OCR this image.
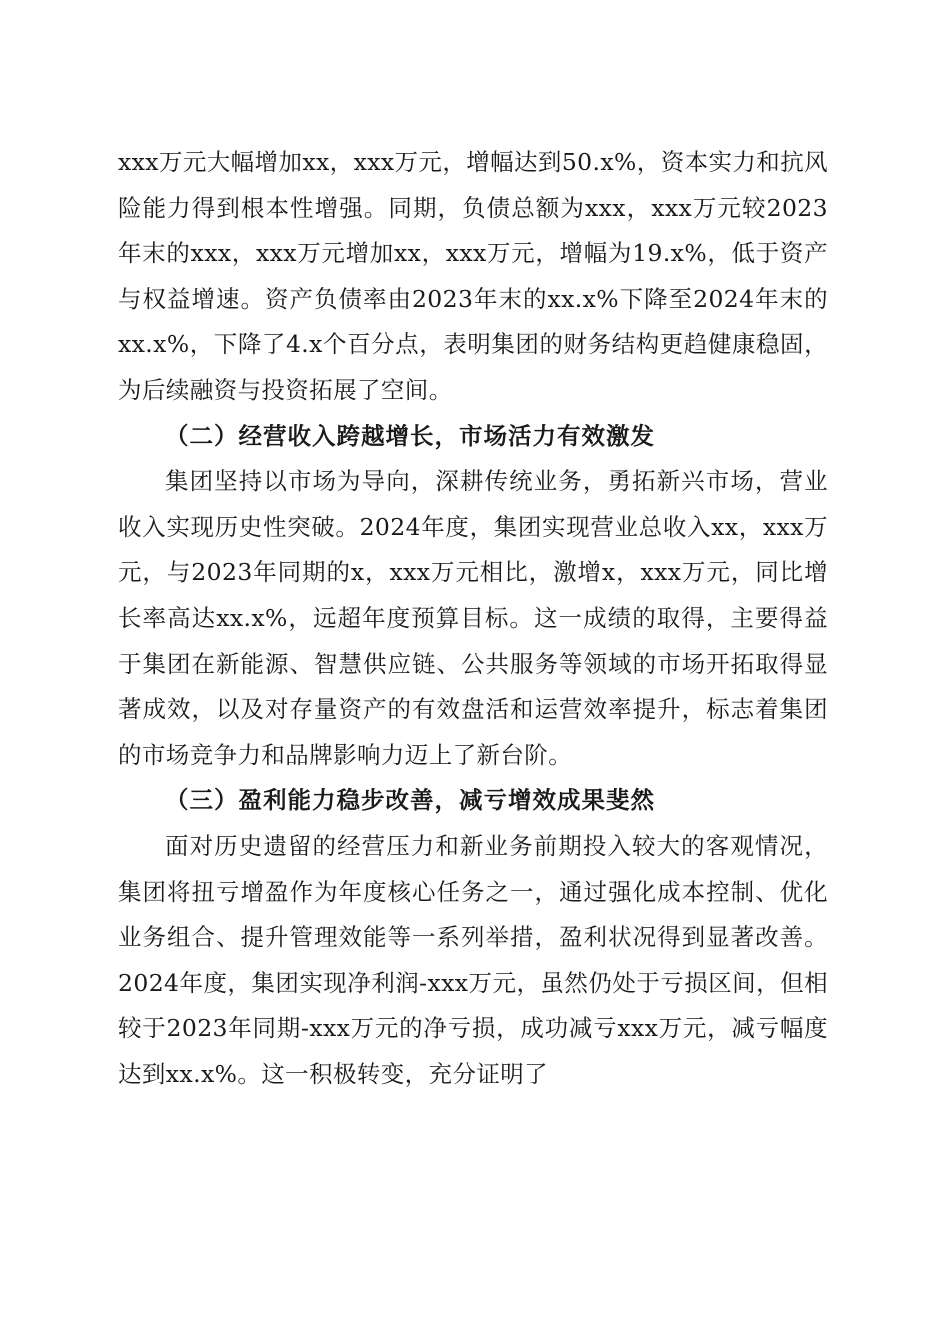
xxx万元大幅增加xx，xxx万元，增幅达到50.x%，资本实力和抗风险能力得到根本性增强。同期，负债总额为xxx，xxx万元较2023年末的xxx，xxx万元增加xx，xxx万元，增幅为19.x%，低于资产与权益增速。资产负债率由2023年末的xx.x%下降至2024年末的xx.x%，下降了4.x个百分点，表明集团的财务结构更趋健康稳固，为后续融资与投资拓展了空间。

（二）经营收入跨越增长，市场活力有效激发

集团坚持以市场为导向，深耕传统业务，勇拓新兴市场，营业收入实现历史性突破。2024年度，集团实现营业总收入xx，xxx万元，与2023年同期的x，xxx万元相比，激增x，xxx万元，同比增长率高达xx.x%，远超年度预算目标。这一成绩的取得，主要得益于集团在新能源、智慧供应链、公共服务等领域的市场开拓取得显著成效，以及对存量资产的有效盘活和运营效率提升，标志着集团的市场竞争力和品牌影响力迈上了新台阶。

（三）盈利能力稳步改善，减亏增效成果斐然

面对历史遗留的经营压力和新业务前期投入较大的客观情况，集团将扭亏增盈作为年度核心任务之一，通过强化成本控制、优化业务组合、提升管理效能等一系列举措，盈利状况得到显著改善。2024年度，集团实现净利润-xxx万元，虽然仍处于亏损区间，但相较于2023年同期-xxx万元的净亏损，成功减亏xxx万元，减亏幅度达到xx.x%。这一积极转变，充分证明了
